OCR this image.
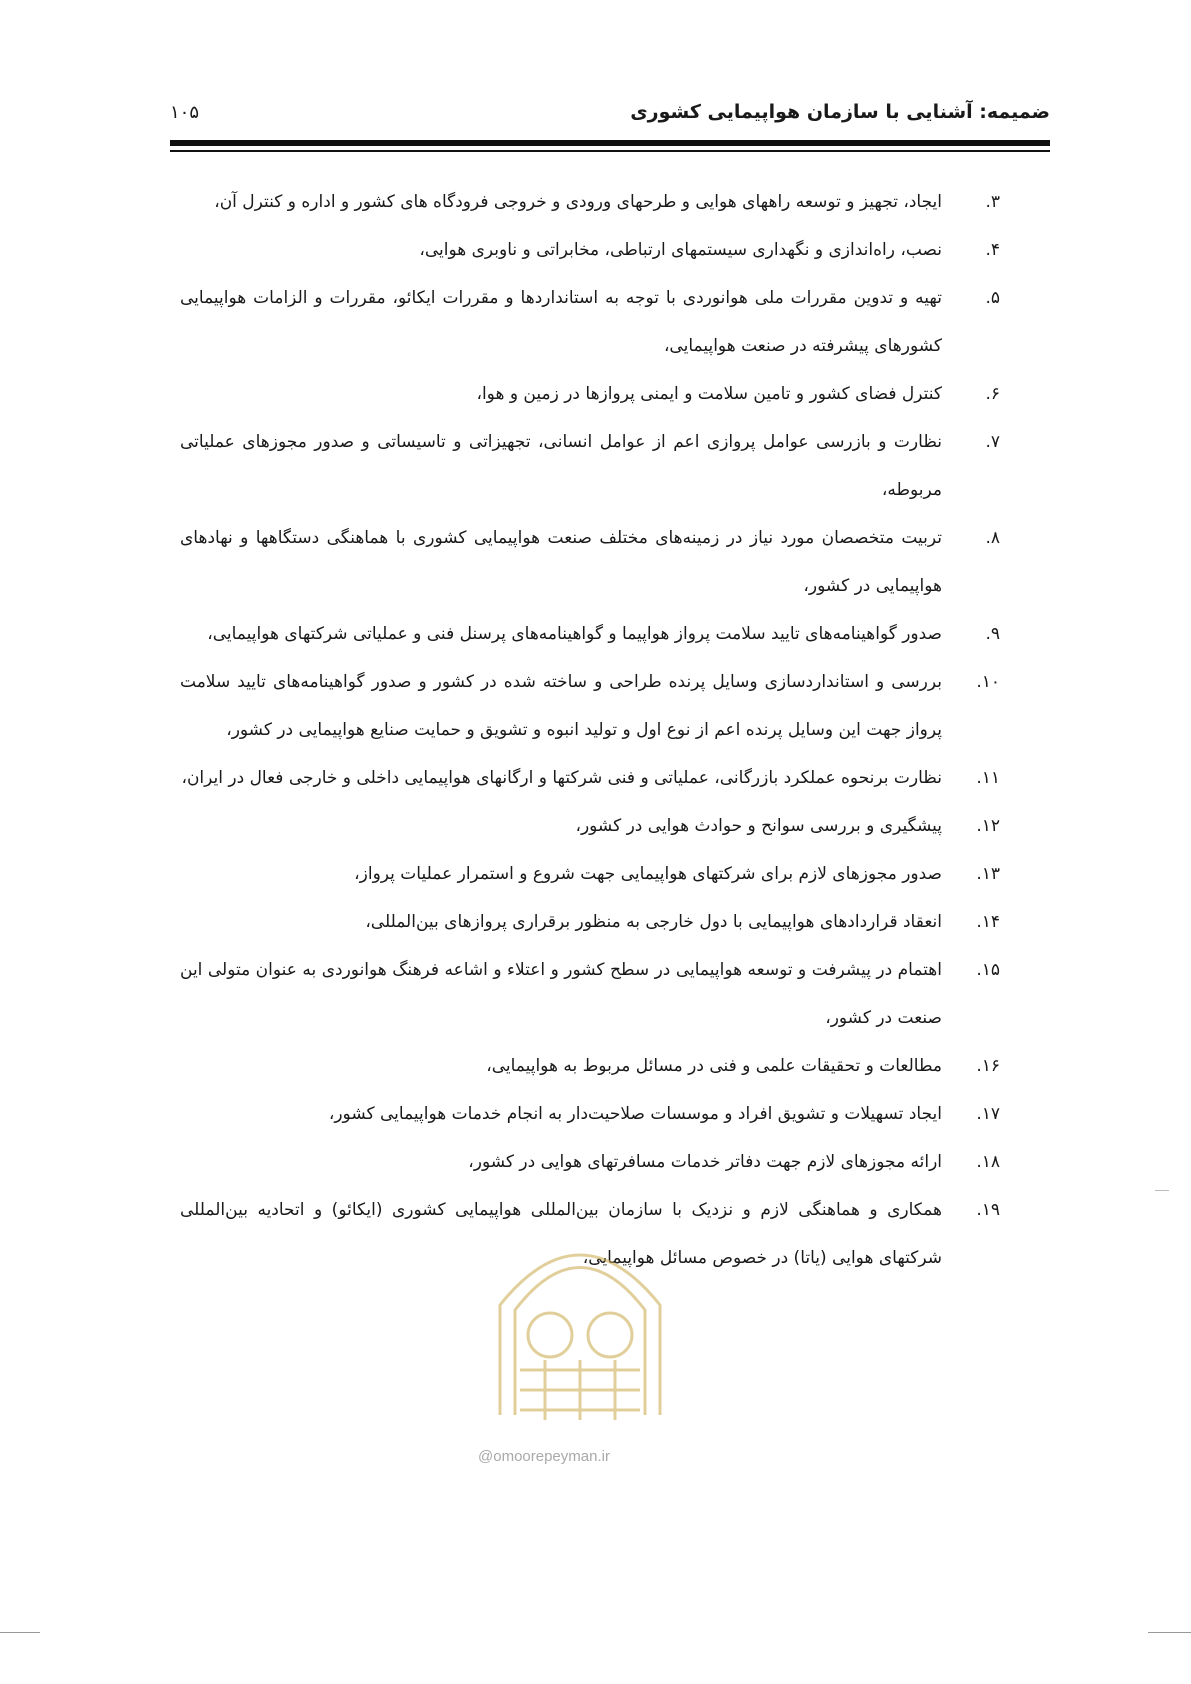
ضمیمه: آشنایی با سازمان هواپیمایی کشوری
۱۰۵
۳.
ایجاد، تجهیز و توسعه راههای هوایی و طرحهای ورودی و خروجی فرودگاه های کشور و اداره و کنترل آن،
۴.
نصب، راه‌اندازی و نگهداری سیستمهای ارتباطی، مخابراتی و ناوبری هوایی،
۵.
تهیه و تدوین مقررات ملی هوانوردی با توجه به استانداردها و مقررات ایکائو، مقررات و الزامات هواپیمایی کشورهای پیشرفته در صنعت هواپیمایی،
۶.
کنترل فضای کشور و تامین سلامت و ایمنی پروازها در زمین و هوا،
۷.
نظارت و بازرسی عوامل پروازی اعم از عوامل انسانی، تجهیزاتی و تاسیساتی و صدور مجوزهای عملیاتی مربوطه،
۸.
تربیت متخصصان مورد نیاز در زمینه‌های مختلف صنعت هواپیمایی کشوری با هماهنگی دستگاهها و نهادهای هواپیمایی در کشور،
۹.
صدور گواهینامه‌های تایید سلامت پرواز هواپیما و گواهینامه‌های پرسنل فنی و عملیاتی شرکتهای هواپیمایی،
۱۰.
بررسی و استانداردسازی وسایل پرنده طراحی و ساخته شده در کشور و صدور گواهینامه‌های تایید سلامت پرواز جهت این وسایل پرنده اعم از نوع اول و تولید انبوه و تشویق و حمایت صنایع هواپیمایی در کشور،
۱۱.
نظارت برنحوه عملکرد بازرگانی، عملیاتی و فنی شرکتها و ارگانهای هواپیمایی داخلی و خارجی فعال در ایران،
۱۲.
پیشگیری و بررسی سوانح و حوادث هوایی در کشور،
۱۳.
صدور مجوزهای لازم برای شرکتهای هواپیمایی جهت شروع و استمرار عملیات پرواز،
۱۴.
انعقاد قراردادهای هواپیمایی با دول خارجی به منظور برقراری پروازهای بین‌المللی،
۱۵.
اهتمام در پیشرفت و توسعه هواپیمایی در سطح کشور و اعتلاء و اشاعه فرهنگ هوانوردی به عنوان متولی این صنعت در کشور،
۱۶.
مطالعات و تحقیقات علمی و فنی در مسائل مربوط به هواپیمایی،
۱۷.
ایجاد تسهیلات و تشویق افراد و موسسات صلاحیت‌دار به انجام خدمات هواپیمایی کشور،
۱۸.
ارائه مجوزهای لازم جهت دفاتر خدمات مسافرتهای هوایی در کشور،
۱۹.
همکاری و هماهنگی لازم و نزدیک با سازمان بین‌المللی هواپیمایی کشوری (ایکائو) و اتحادیه بین‌المللی شرکتهای هوایی (یاتا) در خصوص مسائل هواپیمایی،
@omoorepeyman.ir
